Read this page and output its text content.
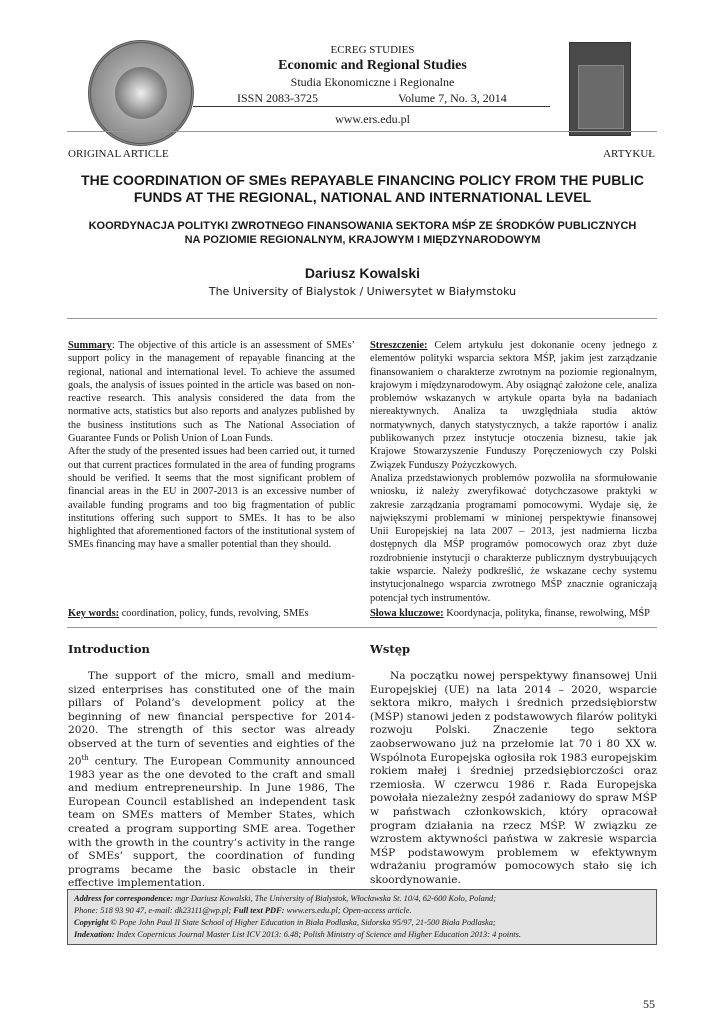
ECREG STUDIES
Economic and Regional Studies
Studia Ekonomiczne i Regionalne
ISSN 2083-3725	Volume 7, No. 3, 2014
www.ers.edu.pl
ORIGINAL ARTICLE	ARTYKUŁ
THE COORDINATION OF SMEs REPAYABLE FINANCING POLICY FROM THE PUBLIC
FUNDS AT THE REGIONAL, NATIONAL AND INTERNATIONAL LEVEL
KOORDYNACJA POLITYKI ZWROTNEGO FINANSOWANIA SEKTORA MŚP ZE ŚRODKÓW PUBLICZNYCH
NA POZIOMIE REGIONALNYM, KRAJOWYM I MIĘDZYNARODOWYM
Dariusz Kowalski
The University of Bialystok / Uniwersytet w Białymstoku

Summary: The objective of this article is an assessment of SMEs’ support policy in the management of repayable financing at the regional, national and international level. To achieve the assumed goals, the analysis of issues pointed in the article was based on non-reactive research. This analysis considered the data from the normative acts, statistics but also reports and analyzes published by the business institutions such as The National Association of Guarantee Funds or Polish Union of Loan Funds.

After the study of the presented issues had been carried out, it turned out that current practices formulated in the area of funding programs should be verified. It seems that the most significant problem of financial areas in the EU in 2007-2013 is an excessive number of available funding programs and too big fragmentation of public institutions offering such support to SMEs. It has to be also highlighted that aforementioned factors of the institutional system of SMEs financing may have a smaller potential than they should.

Streszczenie: Celem artykułu jest dokonanie oceny jednego z elementów polityki wsparcia sektora MŚP, jakim jest zarządzanie finansowaniem o charakterze zwrotnym na poziomie regionalnym, krajowym i międzynarodowym. Aby osiągnąć założone cele, analiza problemów wskazanych w artykule oparta była na badaniach niereaktywnych. Analiza ta uwzględniała studia aktów normatywnych, danych statystycznych, a także raportów i analiz publikowanych przez instytucje otoczenia biznesu, takie jak Krajowe Stowarzyszenie Funduszy Poręczeniowych czy Polski Związek Funduszy Pożyczkowych.

Analiza przedstawionych problemów pozwoliła na sformułowanie wniosku, iż należy zweryfikować dotychczasowe praktyki w zakresie zarządzania programami pomocowymi. Wydaje się, że największymi problemami w minionej perspektywie finansowej Unii Europejskiej na lata 2007 – 2013, jest nadmierna liczba dostępnych dla MŚP programów pomocowych oraz zbyt duże rozdrobnienie instytucji o charakterze publicznym dystrybuujących takie wsparcie. Należy podkreślić, że wskazane cechy systemu instytucjonalnego wsparcia zwrotnego MŚP znacznie ograniczają potencjał tych instrumentów.

Key words: coordination, policy, funds, revolving, SMEs	Słowa kluczowe: Koordynacja, polityka, finanse, rewolwing, MŚP
Introduction	Wstęp
The support of the micro, small and medium- sized enterprises has constituted one of the main pillars of Poland’s development policy at the beginning of new financial perspective for 2014-2020. The strength of this sector was already observed at the turn of seventies and eighties of the 20th century. The European Community announced 1983 year as the one devoted to the craft and small and medium entrepreneurship. In June 1986, The European Council established an independent task team on SMEs matters of Member States, which created a program supporting SME area. Together with the growth in the country’s activity in the range of SMEs’ support, the coordination of funding programs became the basic obstacle in their effective implementation.
Na początku nowej perspektywy finansowej Unii Europejskiej (UE) na lata 2014 – 2020, wsparcie sektora mikro, małych i średnich przedsiębiorstw (MŚP) stanowi jeden z podstawowych filarów polityki rozwoju Polski. Znaczenie tego sektora zaobserwowano już na przełomie lat 70 i 80 XX w. Wspólnota Europejska ogłosiła rok 1983 europejskim rokiem małej i średniej przedsiębiorczości oraz rzemiosła. W czerwcu 1986 r. Rada Europejska powołała niezależny zespół zadaniowy do spraw MŚP w państwach członkowskich, który opracował program działania na rzecz MŚP. W związku ze wzrostem aktywności państwa w zakresie wsparcia MŚP podstawowym problemem w efektywnym wdrażaniu programów pomocowych stało się ich skoordynowanie.
Address for correspondence: mgr Dariusz Kowalski, The University of Bialystok, Włocławska St. 10/4, 62-600 Koło, Poland;
Phone: 518 93 90 47, e-mail: dk23111@wp.pl; Full text PDF: www.ers.edu.pl; Open-access article.
Copyright © Pope John Paul II State School of Higher Education in Biała Podlaska, Sidorska 95/97, 21-500 Biała Podlaska;
Indexation: Index Copernicus Journal Master List ICV 2013: 6.48; Polish Ministry of Science and Higher Education 2013: 4 points.
55
